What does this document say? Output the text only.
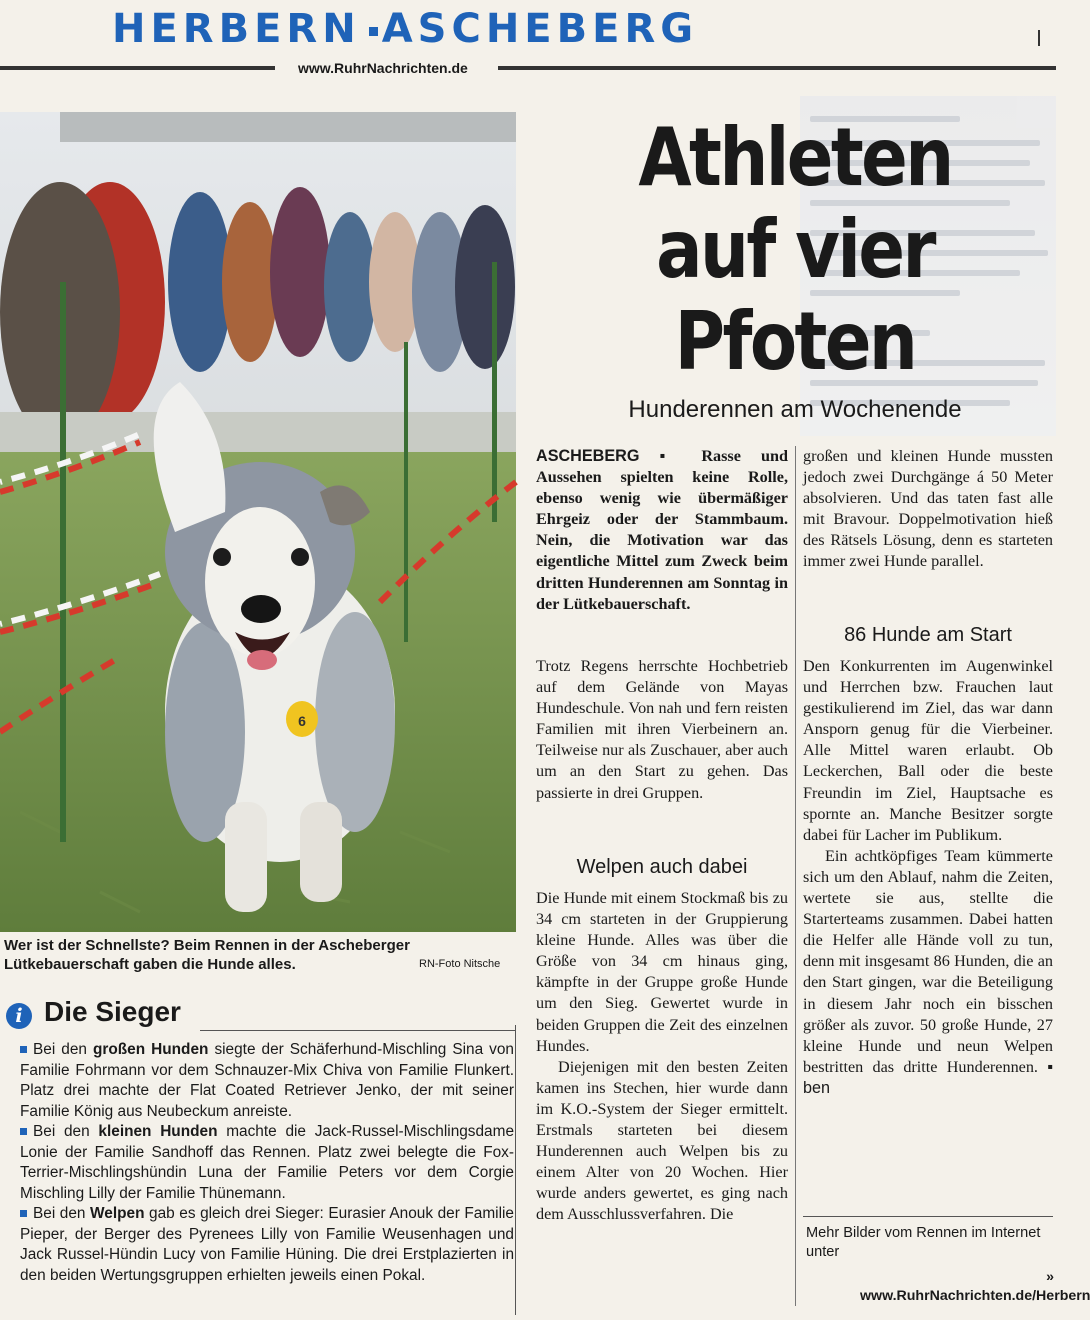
HERBERN ASCHEBERG
www.RuhrNachrichten.de
6
Wer ist der Schnellste? Beim Rennen in der Ascheberger Lütkebauerschaft gaben die Hunde alles.	RN-Foto Nitsche
i Die Sieger

Bei den großen Hunden siegte der Schäferhund-Mischling Sina von Familie Fohrmann vor dem Schnauzer-Mix Chiva von Familie Flunkert. Platz drei machte der Flat Coated Retriever Jenko, der mit seiner Familie König aus Neubeckum anreiste.

Bei den kleinen Hunden machte die Jack-Russel-Mischlingsdame Lonie der Familie Sandhoff das Rennen. Platz zwei belegte die Fox-Terrier-Mischlingshündin Luna der Familie Peters vor dem Corgie Mischling Lilly der Familie Thünemann.

Bei den Welpen gab es gleich drei Sieger: Eurasier Anouk der Familie Pieper, der Berger des Pyrenees Lilly von Familie Weusenhagen und Jack Russel-Hündin Lucy von Familie Hüning. Die drei Erstplazierten in den beiden Wertungsgruppen erhielten jeweils einen Pokal.

Athleten
auf vier
Pfoten
Hunderennen am Wochenende
ASCHEBERG ▪ Rasse und Aussehen spielten keine Rolle, ebenso wenig wie übermäßiger Ehrgeiz oder der Stammbaum. Nein, die Motivation war das eigentliche Mittel zum Zweck beim dritten Hunderennen am Sonntag in der Lütkebauerschaft.

Trotz Regens herrschte Hochbetrieb auf dem Gelände von Mayas Hundeschule. Von nah und fern reisten Familien mit ihren Vierbeinern an. Teilweise nur als Zuschauer, aber auch um an den Start zu gehen. Das passierte in drei Gruppen.

Welpen auch dabei

Die Hunde mit einem Stockmaß bis zu 34 cm starteten in der Gruppierung kleine Hunde. Alles was über die Größe von 34 cm hinaus ging, kämpfte in der Gruppe große Hunde um den Sieg. Gewertet wurde in beiden Gruppen die Zeit des einzelnen Hundes.

Diejenigen mit den besten Zeiten kamen ins Stechen, hier wurde dann im K.O.-System der Sieger ermittelt. Erstmals starteten bei diesem Hunderennen auch Welpen bis zu einem Alter von 20 Wochen. Hier wurde anders gewertet, es ging nach dem Ausschlussverfahren. Die

großen und kleinen Hunde mussten jedoch zwei Durchgänge á 50 Meter absolvieren. Und das taten fast alle mit Bravour. Doppelmotivation hieß des Rätsels Lösung, denn es starteten immer zwei Hunde parallel.

86 Hunde am Start

Den Konkurrenten im Augenwinkel und Herrchen bzw. Frauchen laut gestikulierend im Ziel, das war dann Ansporn genug für die Vierbeiner. Alle Mittel waren erlaubt. Ob Leckerchen, Ball oder die beste Freundin im Ziel, Hauptsache es spornte an. Manche Besitzer sorgte dabei für Lacher im Publikum.

Ein achtköpfiges Team kümmerte sich um den Ablauf, nahm die Zeiten, wertete sie aus, stellte die Starterteams zusammen. Dabei hatten die Helfer alle Hände voll zu tun, denn mit insgesamt 86 Hunden, die an den Start gingen, war die Beteiligung in diesem Jahr noch ein bisschen größer als zuvor. 50 große Hunde, 27 kleine Hunde und neun Welpen bestritten das dritte Hunderennen. ▪ ben

Mehr Bilder vom Rennen im Internet unter
» www.RuhrNachrichten.de/Herbern
